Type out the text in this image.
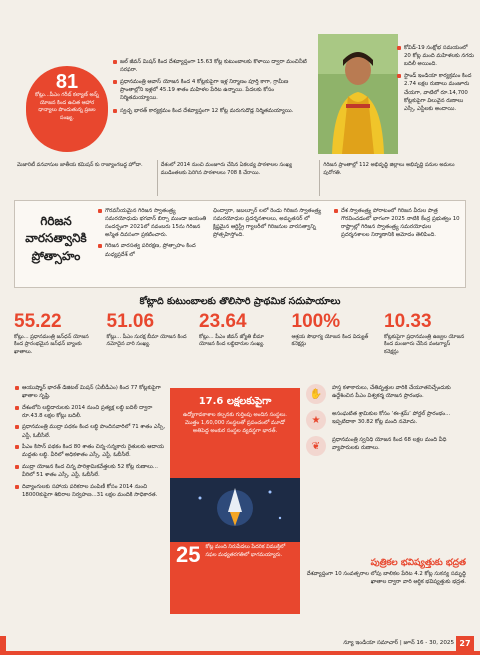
81
కోట్లు...పీఎం గరీబ్ కల్యాణ్ అన్న్ యోజన కింద ఉచిత ఆహార ధాన్యాలు పొందుతున్న ప్రజల సంఖ్య.
జల్ జీవన్ మిషన్ కింద దేశవ్యాప్తంగా 15.63 కోట్ల కుటుంబాలకు కొళాయి ద్వారా మంచినీటి సరఫరా.
ప్రధానమంత్రి ఆవాస్ యోజన కింద 4 కోట్లకుపైగా ఇళ్ల నిర్మాణం పూర్తి కాగా, గ్రామీణ ప్రాంతాల్లోని ఇళ్లలో 45.19 శాతం మహిళల పేరిట ఉన్నాయి. పేదలకు కోసం నిర్మితమయ్యాయి.
స్వచ్ఛ భారత్ కార్యక్రమం కింద దేశవ్యాప్తంగా 12 కోట్ల మరుగుదొడ్ల నిర్మితమయ్యాయి.
కోవిడ్-19 సంక్షోభ సమయంలో 20 కోట్ల మంది మహిళలకు నగదు బదిలీ అయింది.
స్టాండ్ ఇండియా కార్యక్రమం కింద 2.74 లక్షల రుణాలు మంజూరు చేయగా, వాటిలో రూ.14,700 కోట్లకుపైగా విలువైన రుణాలు ఎస్సీ, ఎస్టీలకు అందాయి.
మెజారిటీ వనవాసుల జాతీయ కమిషన్ కు రాజ్యాంగబద్ధ హోదా.	దేశంలో 2014 నుంచి మంజూరు చేసిన ఏకలవ్య పాఠశాలల సంఖ్య ముడింతలకు పెరిగిన పాఠశాలలు 708 కి చేరాయి.
గిరిజన ప్రాంతాల్లో 112 అభివృద్ధి జిల్లాలు అభివృద్ధి పనుల అమలు పురోగతి.
గిరిజన వారసత్వానికి ప్రోత్సాహం
గౌరవనీయమైన గిరిజన స్వాతంత్ర్య సమరయోధుడు భగవాన్ బిర్సా ముండా జయంతి సందర్భంగా 2021లో నవంబరు 15ను గిరిజన అస్మిత దివసంగా ప్రకటించారు.
గిరిజన వారసత్వ పరిరక్షణ, ప్రోత్సాహం కింద మధ్యప్రదేశ్ లో
ఛింద్వారా, జబల్పూర్ లలో రెండు గిరిజన స్వాతంత్ర్య సమరయోధుల ప్రదర్శనశాలలు, అమృతసర్ లో క్లిష్టమైన ఆర్టిస్ట్రీ గ్యాలరీలో గిరిజనుల వారసత్వాన్ని ప్రోత్సహిస్తోంది.
దేశ స్వాతంత్ర్య పోరాటంలో గిరిజన వీరుల పాత్ర గౌరవించడంలో భాగంగా 2025 నాటికి కేంద్ర ప్రభుత్వం 10 రాష్ట్రాల్లో గిరిజన స్వాతంత్ర్య సమరయోధుల ప్రదర్శనశాలల నిర్మాణానికి ఆమోదం తెలిపింది.
కోట్లాది కుటుంబాలకు తొలిసారి ప్రాథమిక సదుపాయాలు
55.22
కోట్లు... ప్రధానమంత్రి జన్‌ధన్ యోజన కింద ప్రారంభమైన జన్‌ధన్ బ్యాంకు ఖాతాలు.
51.06
కోట్లు... పీఎం సురక్ష బీమా యోజన కింద నమోదైన వారి సంఖ్య.
23.64
కోట్లు... పీఎం జీవన్ జ్యోతి బీమా యోజన కింద లబ్ధిదారుల సంఖ్య.
100%
ఆశ్రయ సౌభాగ్య యోజన కింద విద్యుత్ కనెక్షన్లు
10.33
కోట్లకుపైగా ప్రధానమంత్రి ఉజ్వల యోజన కింద మంజూరు చేసిన వంటగ్యాస్ కనెక్షన్లు
ఆయుష్మాన్ భారత్ డిజిటల్ మిషన్ (ఏబీడీఎం) కింద 77 కోట్లకుపైగా ఖాతాల సృష్టి.
దేశంలోని లబ్ధిదారులకు 2014 నుంచి ప్రత్యక్ష లబ్ధి బదిలీ ద్వారా రూ.43.8 లక్షల కోట్లు బదిలీ.
ప్రధానమంత్రి ముద్రా పథకం కింద లబ్ధి పొందినవారిలో 71 శాతం ఎస్సీ, ఎస్టీ, ఓబీసీలే.
పీఎం కిసాన్ పథకం కింద 80 శాతం చిన్న-సన్నకారు రైతులకు ఆదాయ మద్దతు లబ్ధి. వీరిలో అధికశాతం ఎస్సీ, ఎస్టీ, ఓబీసీలే.
ముద్రా యోజన కింద చిన్న పారిశ్రామికవేత్తలకు 52 కోట్ల రుణాలు... వీరిలో 51 శాతం ఎస్సీ, ఎస్టీ, ఓబీసీలే.
దివ్యాంగులకు సహాయ పరికరాల పంపిణీ కోసం 2014 నుంచి 18000కుపైగా శిబిరాల నిర్వహణ...31 లక్షల మందికి సాధికారత.
17.6 లక్షలకుపైగా
ఉద్యోగావకాశాల కల్పనకు గుర్తింపు అందిన సంస్థలు. మొత్తం 1,60,000 సంస్థలతో ప్రపంచంలో మూడో అతిపెద్ద అంకుర సంస్థల వ్యవస్థగా భారత్.
25 కోట్ల మంది నిరుపేదలు పేదరిక విముక్తిలో సఫల మధ్యతరగతిలో భాగమయ్యారు.
✋
హస్త కళాకారులు, చేతివృత్తుల వారికి చేయూతనిచ్చేందుకు ఉద్దేశించిన పీఎం విశ్వకర్మ యోజన ప్రారంభం.
★
అసంఘటిత శ్రామికుల కోసం ‘ఈ-శ్రమ్’ పోర్టల్ ప్రారంభం... ఇప్పటిదాకా 30.82 కోట్ల మంది నమోదు.
❦
ప్రధానమంత్రి స్వనిధి యోజన కింద 68 లక్షల మంది వీధి వ్యాపారులకు రుణాలు.
పుత్రికల భవిష్యత్తుకు భద్రత
దేశవ్యాప్తంగా 10 సంవత్సరాల లోపు బాలికల పేరిట 4.2 కోట్ల సుకన్య సమృద్ధి ఖాతాల ద్వారా వారి ఆర్థిక భవిష్యత్తుకు భద్రత.
న్యూ ఇండియా సమాచార్ | జూన్ 16 - 30, 2025 27
